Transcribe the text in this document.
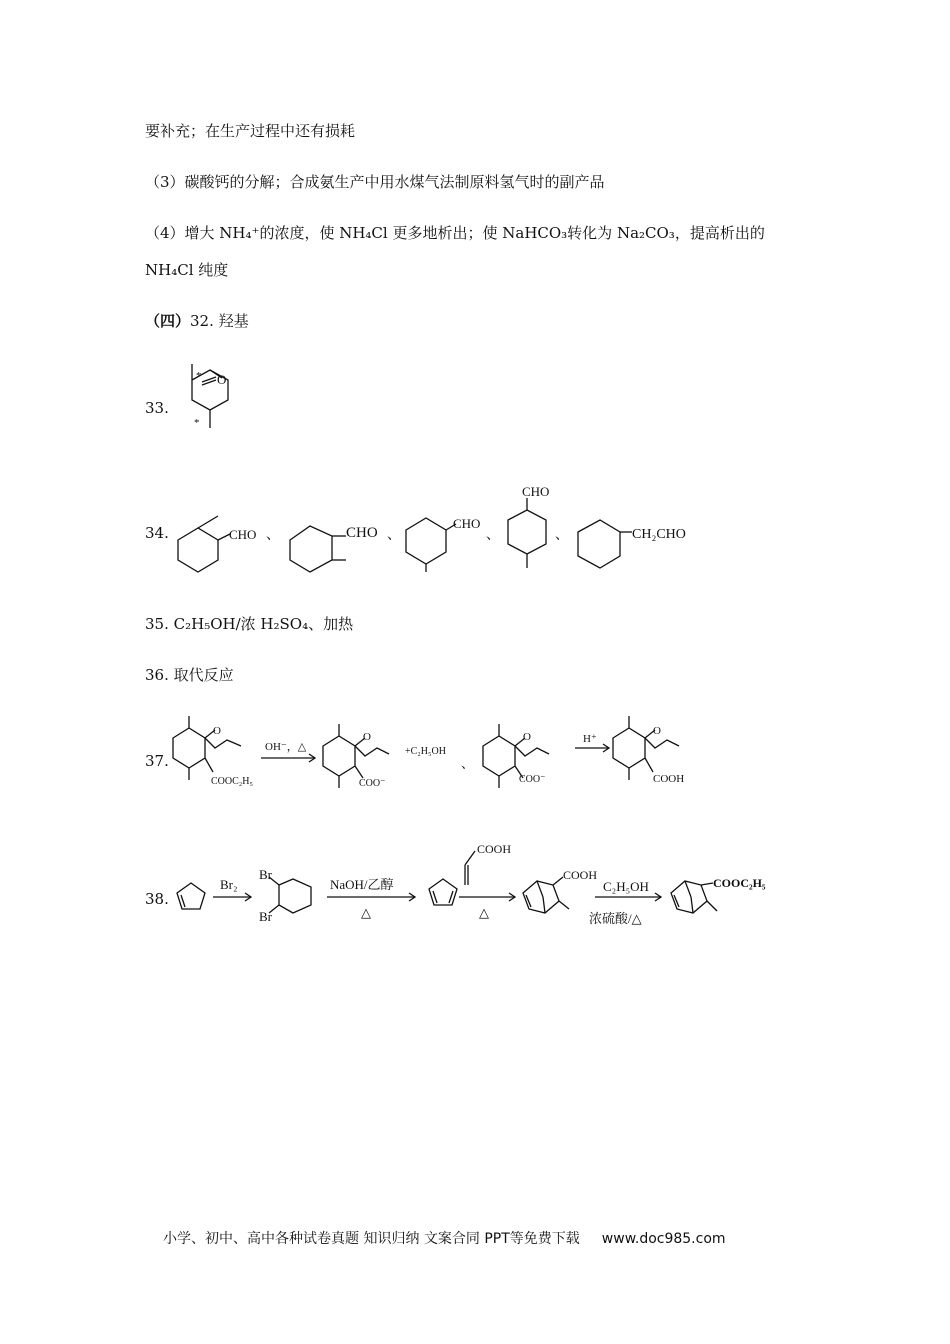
要补充；在生产过程中还有损耗
（3）碳酸钙的分解；合成氨生产中用水煤气法制原料氢气时的副产品
（4）增大 NH₄⁺的浓度，使 NH₄Cl 更多地析出；使 NaHCO₃转化为 Na₂CO₃，提高析出的
NH₄Cl 纯度
（四）32. 羟基
33.
*
*
O
34.	CHO 、	CHO 、
CHO
、
CHO
、	CH₂CHO
35. C₂H₅OH/浓 H₂SO₄、加热
36. 取代反应
37.
O
COOC₂H₅
OH⁻，△
O
COO⁻
+C₂H₅OH
、
O
COO⁻
H⁺
O
COOH
38.
Br₂
Br
Br
NaOH/乙醇
△
COOH
△
COOH
C₂H₅OH
浓硫酸/△
COOC₂H₅
小学、初中、高中各种试卷真题 知识归纳 文案合同 PPT等免费下载 www.doc985.com
